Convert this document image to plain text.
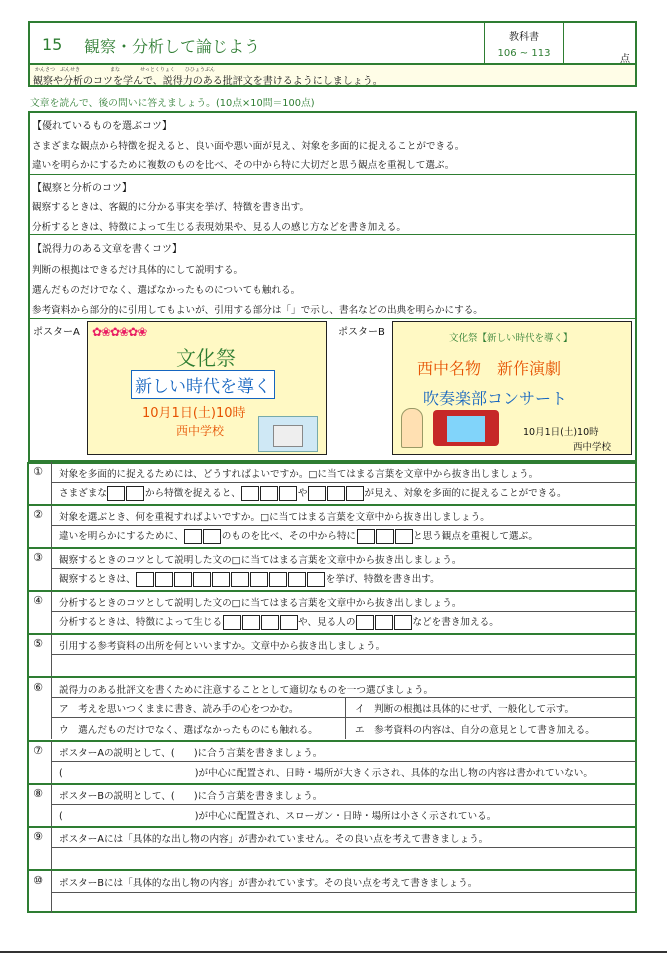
15 観察・分析して論じよう	教科書
106 ~ 113
点
かんさつ　ぶんせき　　　　　　まな　　　　せっとくりょく　　ひひょうぶん
観察や分析のコツを学んで、説得力のある批評文を書けるようにしましょう。
文章を読んで、後の問いに答えましょう。(10点×10問＝100点)
【優れているものを選ぶコツ】
さまざまな観点から特徴を捉えると、良い面や悪い面が見え、対象を多面的に捉えることができる。
違いを明らかにするために複数のものを比べ、その中から特に大切だと思う観点を重視して選ぶ。
【観察と分析のコツ】
観察するときは、客観的に分かる事実を挙げ、特徴を書き出す。
分析するときは、特徴によって生じる表現効果や、見る人の感じ方などを書き加える。
【説得力のある文章を書くコツ】
判断の根拠はできるだけ具体的にして説明する。
選んだものだけでなく、選ばなかったものについても触れる。
参考資料から部分的に引用してもよいが、引用する部分は「」で示し、書名などの出典を明らかにする。
ポスターA	ポスターB
✿❀✿❀✿❀
文化祭
新しい時代を導く
10月1日(土)10時
西中学校
文化祭【新しい時代を導く】
西中名物　新作演劇
吹奏楽部コンサート
10月1日(土)10時
西中学校
①	対象を多面的に捉えるためには、どうすればよいですか。□に当てはまる言葉を文章中から抜き出しましょう。
さまざまな	から特徴を捉えると、	や	が見え、対象を多面的に捉えることができる。
②	対象を選ぶとき、何を重視すればよいですか。□に当てはまる言葉を文章中から抜き出しましょう。
違いを明らかにするために、	のものを比べ、その中から特に	と思う観点を重視して選ぶ。
③	観察するときのコツとして説明した文の□に当てはまる言葉を文章中から抜き出しましょう。
観察するときは、	を挙げ、特徴を書き出す。
④	分析するときのコツとして説明した文の□に当てはまる言葉を文章中から抜き出しましょう。
分析するときは、特徴によって生じる	や、見る人の	などを書き加える。
⑤	引用する参考資料の出所を何といいますか。文章中から抜き出しましょう。
⑥	説得力のある批評文を書くために注意することとして適切なものを一つ選びましょう。
ア　考えを思いつくままに書き、読み手の心をつかむ。	イ　判断の根拠は具体的にせず、一般化して示す。
ウ　選んだものだけでなく、選ばなかったものにも触れる。	エ　参考資料の内容は、自分の意見として書き加える。
⑦	ポスターAの説明として、(　　)に合う言葉を書きましょう。
(	)が中心に配置され、日時・場所が大きく示され、具体的な出し物の内容は書かれていない。
⑧	ポスターBの説明として、(　　)に合う言葉を書きましょう。
(	)が中心に配置され、スローガン・日時・場所は小さく示されている。
⑨	ポスターAには「具体的な出し物の内容」が書かれていません。その良い点を考えて書きましょう。
⑩	ポスターBには「具体的な出し物の内容」が書かれています。その良い点を考えて書きましょう。
